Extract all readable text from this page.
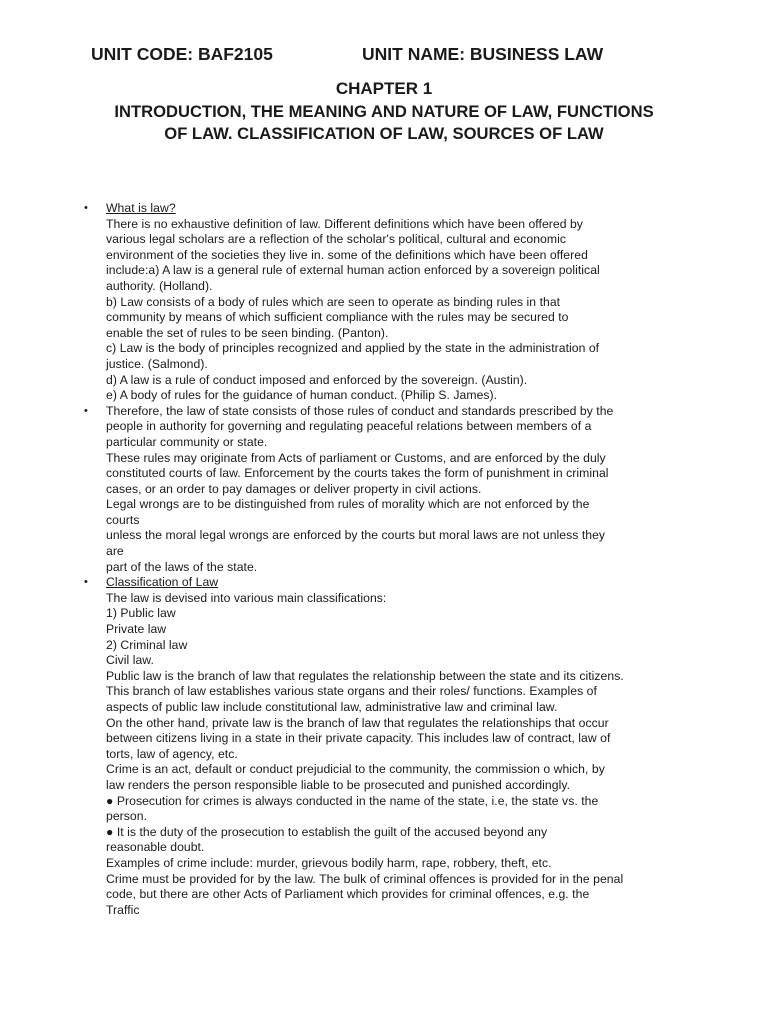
UNIT CODE: BAF2105	UNIT NAME: BUSINESS LAW
CHAPTER 1
INTRODUCTION, THE MEANING AND NATURE OF LAW, FUNCTIONS
OF LAW. CLASSIFICATION OF LAW, SOURCES OF LAW
• What is law?
There is no exhaustive definition of law. Different definitions which have been offered by
various legal scholars are a reflection of the scholar's political, cultural and economic
environment of the societies they live in. some of the definitions which have been offered
include:a) A law is a general rule of external human action enforced by a sovereign political
authority. (Holland).
b) Law consists of a body of rules which are seen to operate as binding rules in that
community by means of which sufficient compliance with the rules may be secured to
enable the set of rules to be seen binding. (Panton).
c) Law is the body of principles recognized and applied by the state in the administration of
justice. (Salmond).
d) A law is a rule of conduct imposed and enforced by the sovereign. (Austin).
e) A body of rules for the guidance of human conduct. (Philip S. James).
• Therefore, the law of state consists of those rules of conduct and standards prescribed by the
people in authority for governing and regulating peaceful relations between members of a
particular community or state.
These rules may originate from Acts of parliament or Customs, and are enforced by the duly
constituted courts of law. Enforcement by the courts takes the form of punishment in criminal
cases, or an order to pay damages or deliver property in civil actions.
Legal wrongs are to be distinguished from rules of morality which are not enforced by the
courts
unless the moral legal wrongs are enforced by the courts but moral laws are not unless they
are
part of the laws of the state.
• Classification of Law
The law is devised into various main classifications:
1) Public law
Private law
2) Criminal law
Civil law.
Public law is the branch of law that regulates the relationship between the state and its citizens.
This branch of law establishes various state organs and their roles/ functions. Examples of
aspects of public law include constitutional law, administrative law and criminal law.
On the other hand, private law is the branch of law that regulates the relationships that occur
between citizens living in a state in their private capacity. This includes law of contract, law of
torts, law of agency, etc.
Crime is an act, default or conduct prejudicial to the community, the commission o which, by
law renders the person responsible liable to be prosecuted and punished accordingly.
● Prosecution for crimes is always conducted in the name of the state, i.e, the state vs. the
person.
● It is the duty of the prosecution to establish the guilt of the accused beyond any
reasonable doubt.
Examples of crime include: murder, grievous bodily harm, rape, robbery, theft, etc.
Crime must be provided for by the law. The bulk of criminal offences is provided for in the penal
code, but there are other Acts of Parliament which provides for criminal offences, e.g. the
Traffic
